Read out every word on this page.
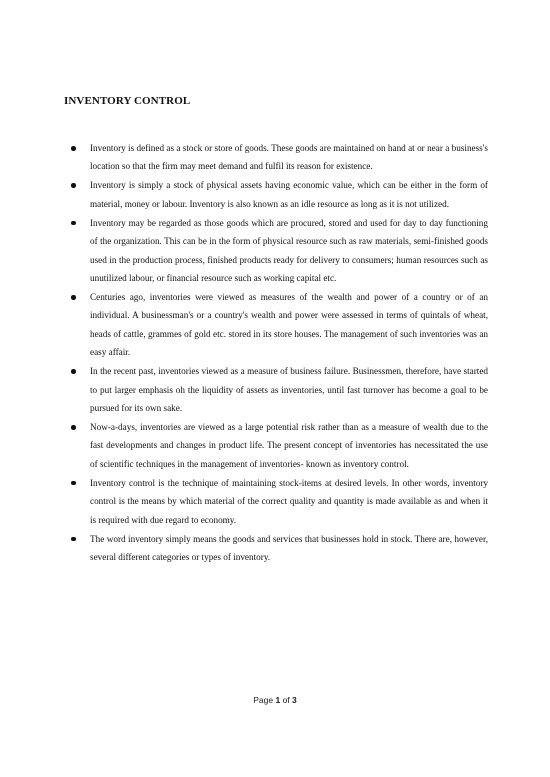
INVENTORY CONTROL
Inventory is defined as a stock or store of goods. These goods are maintained on hand at or near a business's location so that the firm may meet demand and fulfil its reason for existence.
Inventory is simply a stock of physical assets having economic value, which can be either in the form of material, money or labour. Inventory is also known as an idle resource as long as it is not utilized.
Inventory may be regarded as those goods which are procured, stored and used for day to day functioning of the organization. This can be in the form of physical resource such as raw materials, semi-finished goods used in the production process, finished products ready for delivery to consumers; human resources such as unutilized labour, or financial resource such as working capital etc.
Centuries ago, inventories were viewed as measures of the wealth and power of a country or of an individual. A businessman's or a country's wealth and power were assessed in terms of quintals of wheat, heads of cattle, grammes of gold etc. stored in its store houses. The management of such inventories was an easy affair.
In the recent past, inventories viewed as a measure of business failure. Businessmen, therefore, have started to put larger emphasis oh the liquidity of assets as inventories, until fast turnover has become a goal to be pursued for its own sake.
Now-a-days, inventories are viewed as a large potential risk rather than as a measure of wealth due to the fast developments and changes in product life. The present concept of inventories has necessitated the use of scientific techniques in the management of inventories- known as inventory control.
Inventory control is the technique of maintaining stock-items at desired levels. In other words, inventory control is the means by which material of the correct quality and quantity is made available as and when it is required with due regard to economy.
The word inventory simply means the goods and services that businesses hold in stock. There are, however, several different categories or types of inventory.
Page 1 of 3
